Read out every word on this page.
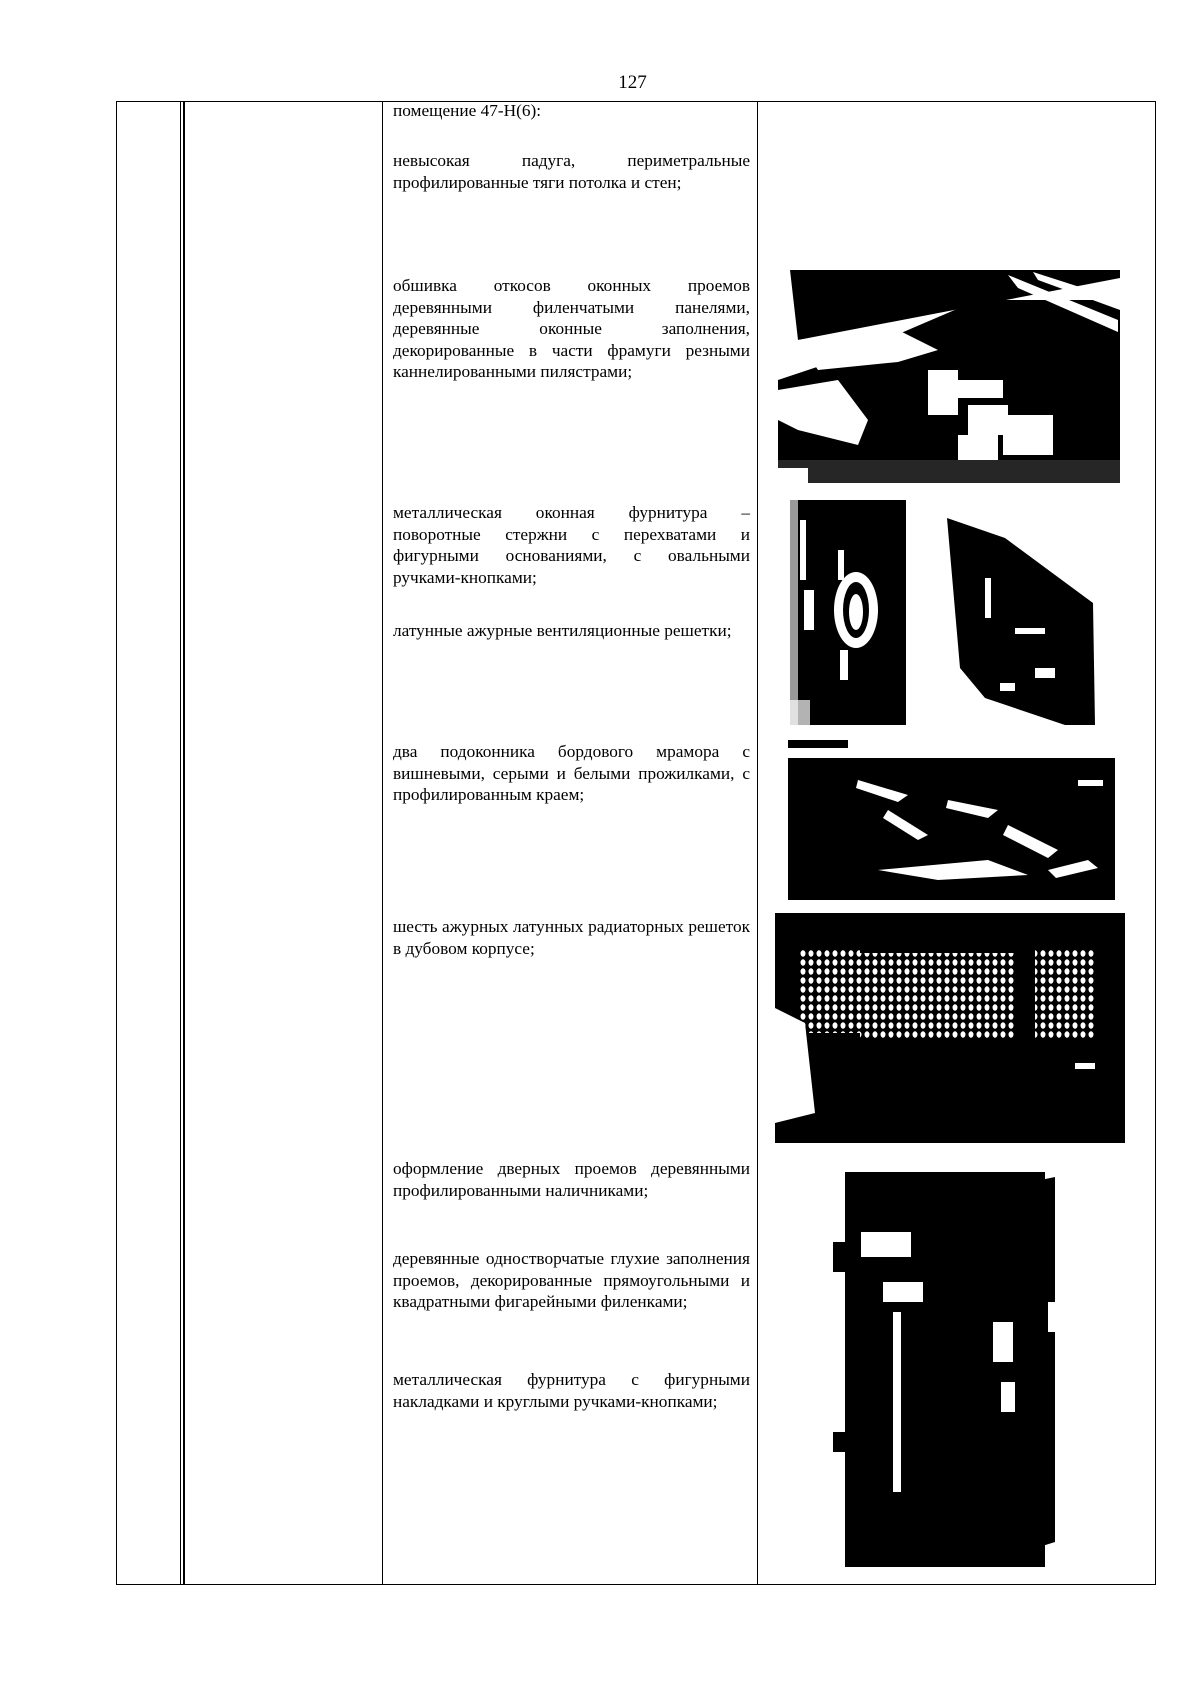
127
помещение 47-Н(6):
невысокая падуга, периметральные профилированные тяги потолка и стен;
обшивка откосов оконных проемов деревянными филенчатыми панелями, деревянные оконные заполнения, декорированные в части фрамуги резными каннелированными пилястрами;
металлическая оконная фурнитура – поворотные стержни с перехватами и фигурными основаниями, с овальными ручками-кнопками;
латунные ажурные вентиляционные решетки;
два подоконника бордового мрамора с вишневыми, серыми и белыми прожилками, с профилированным краем;
шесть ажурных латунных радиаторных решеток в дубовом корпусе;
оформление дверных проемов деревянными профилированными наличниками;
деревянные одностворчатые глухие заполнения проемов, декорированные прямоугольными и квадратными фигарейными филенками;
металлическая фурнитура с фигурными накладками и круглыми ручками-кнопками;
